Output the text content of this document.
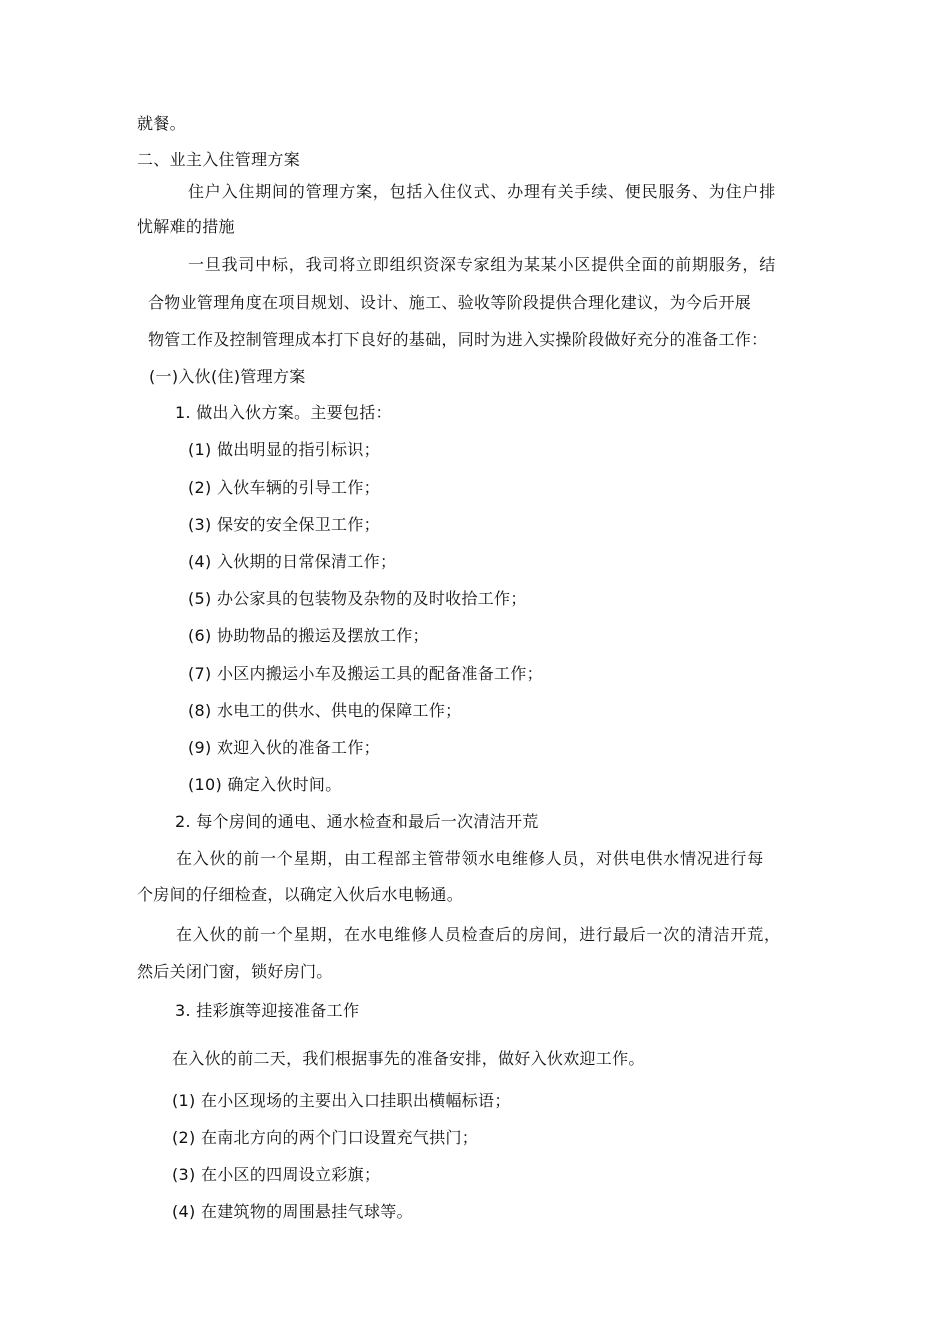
就餐。
二、业主入住管理方案
住户入住期间的管理方案，包括入住仪式、办理有关手续、便民服务、为住户排
忧解难的措施
一旦我司中标，我司将立即组织资深专家组为某某小区提供全面的前期服务，结
合物业管理角度在项目规划、设计、施工、验收等阶段提供合理化建议，为今后开展
物管工作及控制管理成本打下良好的基础，同时为进入实操阶段做好充分的准备工作：
(一)入伙(住)管理方案
1. 做出入伙方案。主要包括：
(1) 做出明显的指引标识；
(2) 入伙车辆的引导工作；
(3) 保安的安全保卫工作；
(4) 入伙期的日常保清工作；
(5) 办公家具的包装物及杂物的及时收拾工作；
(6) 协助物品的搬运及摆放工作；
(7) 小区内搬运小车及搬运工具的配备准备工作；
(8) 水电工的供水、供电的保障工作；
(9) 欢迎入伙的准备工作；
(10) 确定入伙时间。
2. 每个房间的通电、通水检查和最后一次清洁开荒
在入伙的前一个星期，由工程部主管带领水电维修人员，对供电供水情况进行每
个房间的仔细检查，以确定入伙后水电畅通。
在入伙的前一个星期，在水电维修人员检查后的房间，进行最后一次的清洁开荒，
然后关闭门窗，锁好房门。
3. 挂彩旗等迎接准备工作
在入伙的前二天，我们根据事先的准备安排，做好入伙欢迎工作。
(1) 在小区现场的主要出入口挂职出横幅标语；
(2) 在南北方向的两个门口设置充气拱门；
(3) 在小区的四周设立彩旗；
(4) 在建筑物的周围悬挂气球等。
